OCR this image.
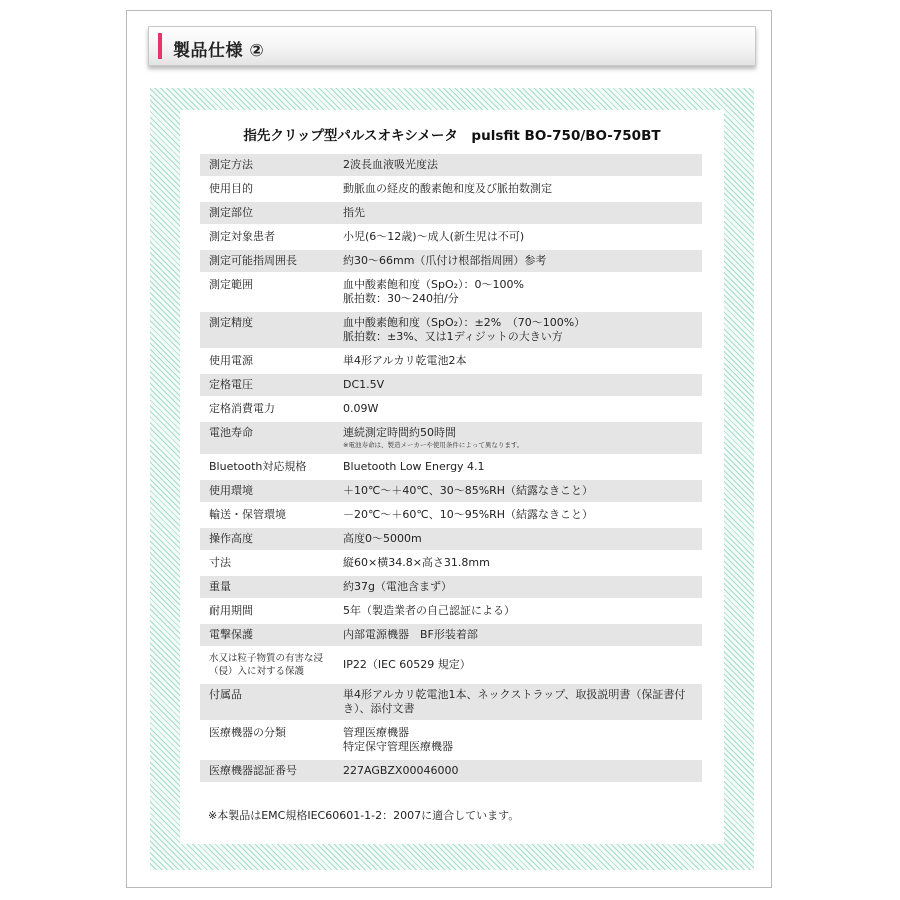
製品仕様 ②
指先クリップ型パルスオキシメータ　pulsfit BO-750/BO-750BT
測定方法	2波長血液吸光度法

使用目的	動脈血の経皮的酸素飽和度及び脈拍数測定

測定部位	指先

測定対象患者	小児(6～12歳)～成人(新生児は不可)

測定可能指周囲長	約30～66mm（爪付け根部指周囲）参考

測定範囲	血中酸素飽和度（SpO₂）：0～100%
脈拍数：30～240拍/分

測定精度	血中酸素飽和度（SpO₂）：±2%　（70～100%）
脈拍数：±3%、又は1ディジットの大きい方

使用電源	単4形アルカリ乾電池2本

定格電圧	DC1.5V

定格消費電力	0.09W

電池寿命	連続測定時間約50時間
※電池寿命は、製造メーカーや使用条件によって異なります。

Bluetooth対応規格	Bluetooth Low Energy 4.1

使用環境	＋10℃～＋40℃、30～85%RH（結露なきこと）

輸送・保管環境	－20℃～＋60℃、10～95%RH（結露なきこと）

操作高度	高度0～5000m

寸法	縦60×横34.8×高さ31.8mm

重量	約37g（電池含まず）

耐用期間	5年（製造業者の自己認証による）

電撃保護	内部電源機器　BF形装着部

水又は粒子物質の有害な浸（侵）入に対する保護	IP22（IEC 60529 規定）

付属品	単4形アルカリ乾電池1本、ネックストラップ、取扱説明書（保証書付き）、添付文書

医療機器の分類	管理医療機器
特定保守管理医療機器

医療機器認証番号	227AGBZX00046000
※本製品はEMC規格IEC60601-1-2：2007に適合しています。
